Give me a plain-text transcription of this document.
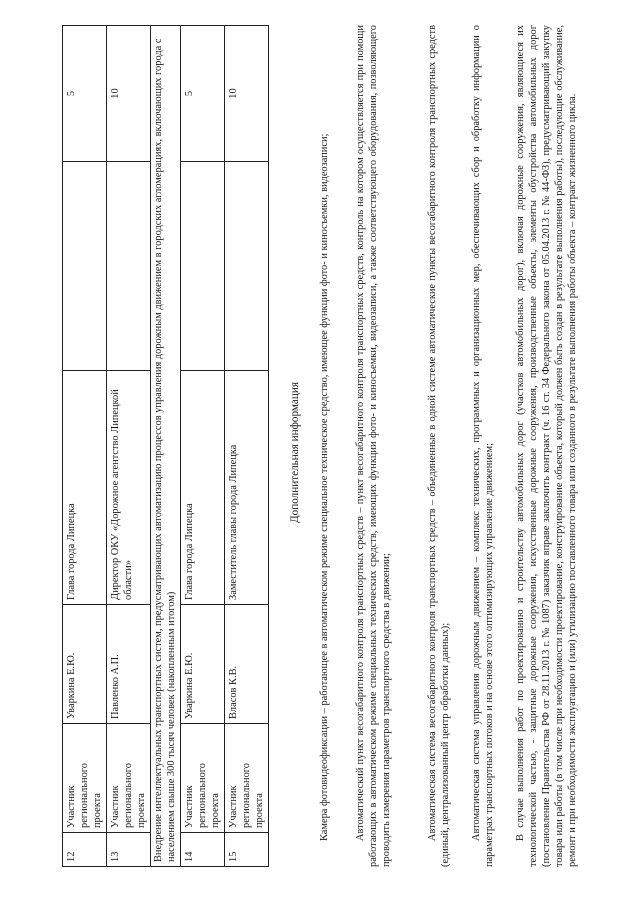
12	Участник регионального проекта	Уваркина Е.Ю.	Глава города Липецка		5
13	Участник регионального проекта	Павленко А.П.	Директор ОКУ «Дорожное агентство Липецкой области»		10
Внедрение интеллектуальных транспортных систем, предусматривающих автоматизацию процессов управления дорожным движением в городских агломерациях, включающих города с населением свыше 300 тысяч человек (накопленным итогом)					
14	Участник регионального проекта	Уваркина Е.Ю.	Глава города Липецка		5
15	Участник регионального проекта	Власов К.В.	Заместитель главы города Липецка		10
Дополнительная информация Камера фотовидеофиксации – работающее в автоматическом режиме специальное техническое средство, имеющее функции фото- и киносъемки, видеозаписи; Автоматический пункт весогабаритного контроля транспортных средств – пункт весогабаритного контроля транспортных средств, контроль на котором осуществляется при помощи работающих в автоматическом режиме специальных технических средств, имеющих функции фото- и киносъемки, видеозаписи, а также соответствующего оборудования, позволяющего проводить измерения параметров транспортного средства в движении;	Автоматическая система весогабаритного контроля транспортных средств – объединенные в одной системе автоматические пункты весогабаритного контроля транспортных средств (единый, централизованный центр обработки данных); Автоматическая система управления дорожным движением – комплекс технических, программных и организационных мер, обеспечивающих сбор и обработку информации о параметрах транспортных потоков и на основе этого оптимизирующих управление движением; В случае выполнения работ по проектированию и строительству автомобильных дорог (участков автомобильных дорог), включая дорожные сооружения, являющиеся их технологической частью, - защитные дорожные сооружения, искусственные дорожные сооружения, производственные объекты, элементы обустройства автомобильных дорог (постановление Правительства РФ от 28.11.2013 г. № 1087) заказчик вправе заключить контракт (ч. 16 ст. 34 Федерального закона от 05.04.2013 г. № 44-ФЗ), предусматривающий закупку товара или работы (в том числе при необходимости проектирование, конструирование объекта, который должен быть создан в результате выполнения работы), последующие обслуживание, ремонт и при необходимости эксплуатацию и (или) утилизацию поставленного товара или созданного в результате выполнения работы объекта – контракт жизненного цикла.
